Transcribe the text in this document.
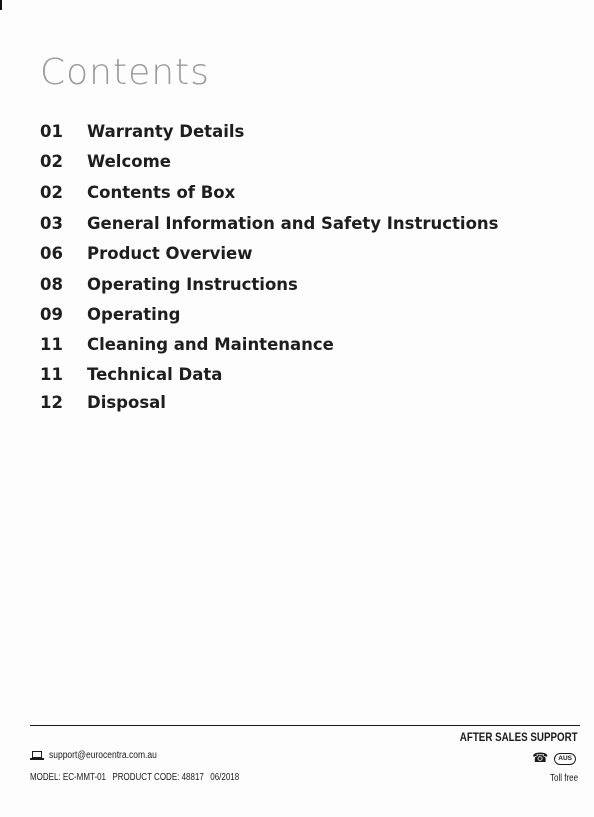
Contents
01 Warranty Details
02 Welcome
02 Contents of Box
03 General Information and Safety Instructions
06 Product Overview
08 Operating Instructions
09 Operating
11 Cleaning and Maintenance
11 Technical Data
12 Disposal
AFTER SALES SUPPORT
support@eurocentra.com.au
MODEL: EC-MMT-01 PRODUCT CODE: 48817 06/2018
☎	AUS
Toll free
